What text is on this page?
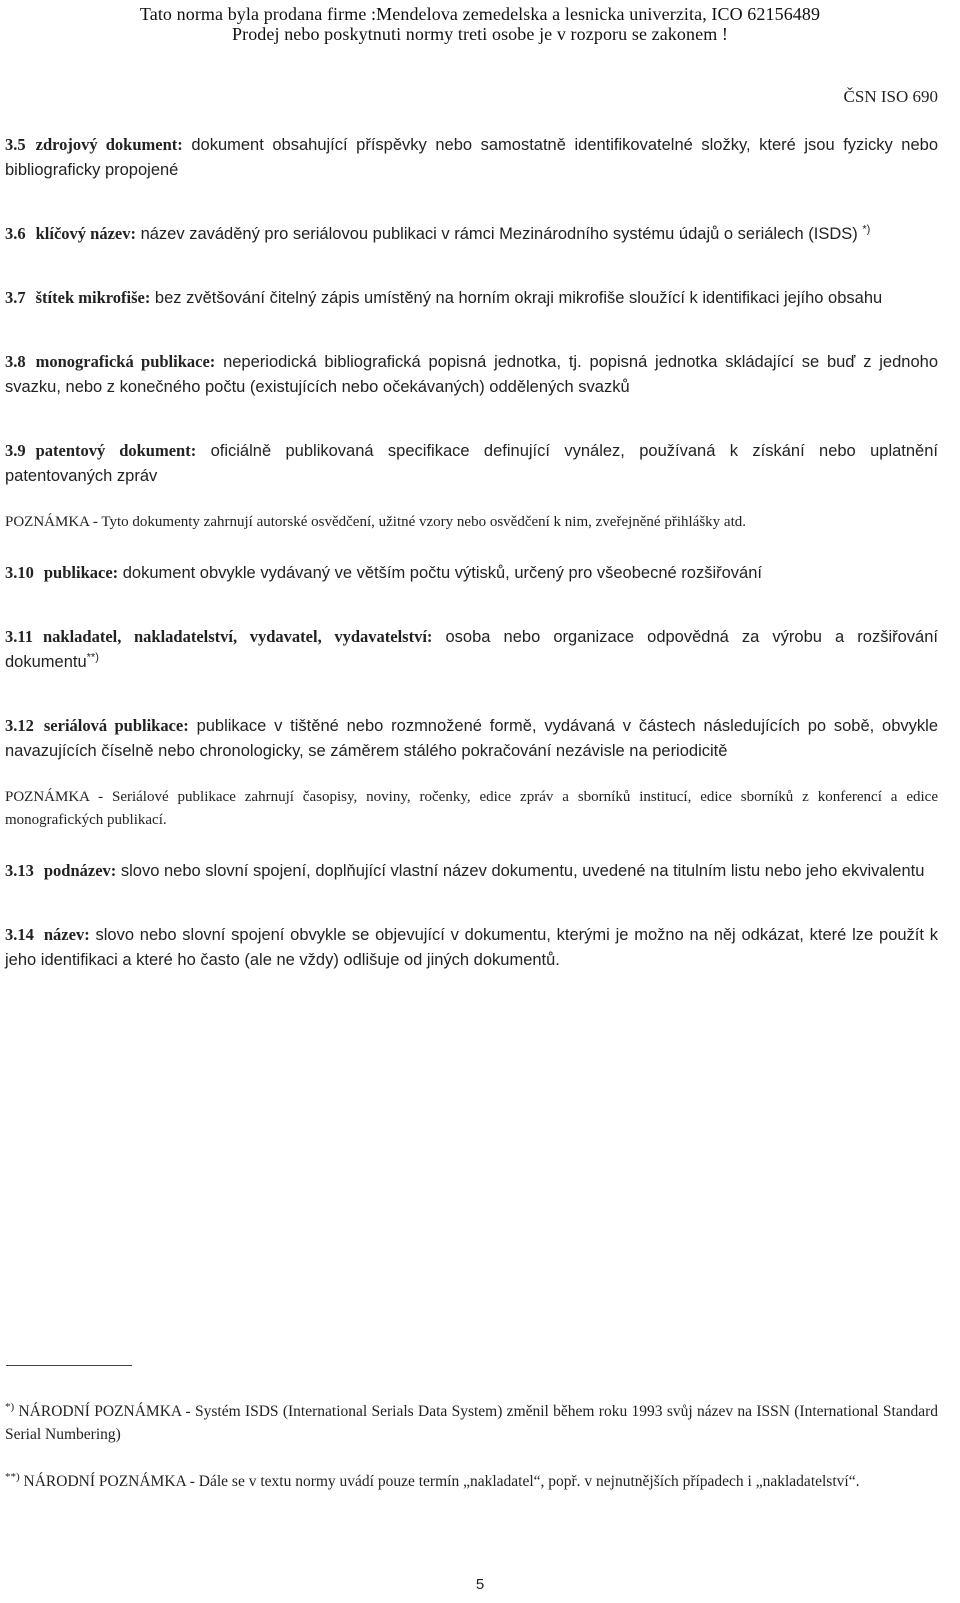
Tato norma byla prodana firme :Mendelova zemedelska a lesnicka univerzita, ICO 62156489
Prodej nebo poskytnuti normy treti osobe je v rozporu se zakonem !
ČSN ISO 690

3.5 zdrojový dokument: dokument obsahující příspěvky nebo samostatně identifikovatelné složky, které jsou fyzicky nebo bibliograficky propojené

3.6 klíčový název: název zaváděný pro seriálovou publikaci v rámci Mezinárodního systému údajů o seriálech (ISDS) *)

3.7 štítek mikrofiše: bez zvětšování čitelný zápis umístěný na horním okraji mikrofiše sloužící k identifikaci jejího obsahu

3.8 monografická publikace: neperiodická bibliografická popisná jednotka, tj. popisná jednotka skládající se buď z jednoho svazku, nebo z konečného počtu (existujících nebo očekávaných) oddělených svazků

3.9 patentový dokument: oficiálně publikovaná specifikace definující vynález, používaná k získání nebo uplatnění patentovaných zpráv

POZNÁMKA - Tyto dokumenty zahrnují autorské osvědčení, užitné vzory nebo osvědčení k nim, zveřejněné přihlášky atd.

3.10 publikace: dokument obvykle vydávaný ve větším počtu výtisků, určený pro všeobecné rozšiřování

3.11 nakladatel, nakladatelství, vydavatel, vydavatelství: osoba nebo organizace odpovědná za výrobu a rozšiřování dokumentu**)

3.12 seriálová publikace: publikace v tištěné nebo rozmnožené formě, vydávaná v částech následujících po sobě, obvykle navazujících číselně nebo chronologicky, se záměrem stálého pokračování nezávisle na periodicitě

POZNÁMKA - Seriálové publikace zahrnují časopisy, noviny, ročenky, edice zpráv a sborníků institucí, edice sborníků z konferencí a edice monografických publikací.

3.13 podnázev: slovo nebo slovní spojení, doplňující vlastní název dokumentu, uvedené na titulním listu nebo jeho ekvivalentu

3.14 název: slovo nebo slovní spojení obvykle se objevující v dokumentu, kterými je možno na něj odkázat, které lze použít k jeho identifikaci a které ho často (ale ne vždy) odlišuje od jiných dokumentů.

*) NÁRODNÍ POZNÁMKA - Systém ISDS (International Serials Data System) změnil během roku 1993 svůj název na ISSN (International Standard Serial Numbering)

**) NÁRODNÍ POZNÁMKA - Dále se v textu normy uvádí pouze termín „nakladatel“, popř. v nejnutnějších případech i „nakladatelství“.

5
